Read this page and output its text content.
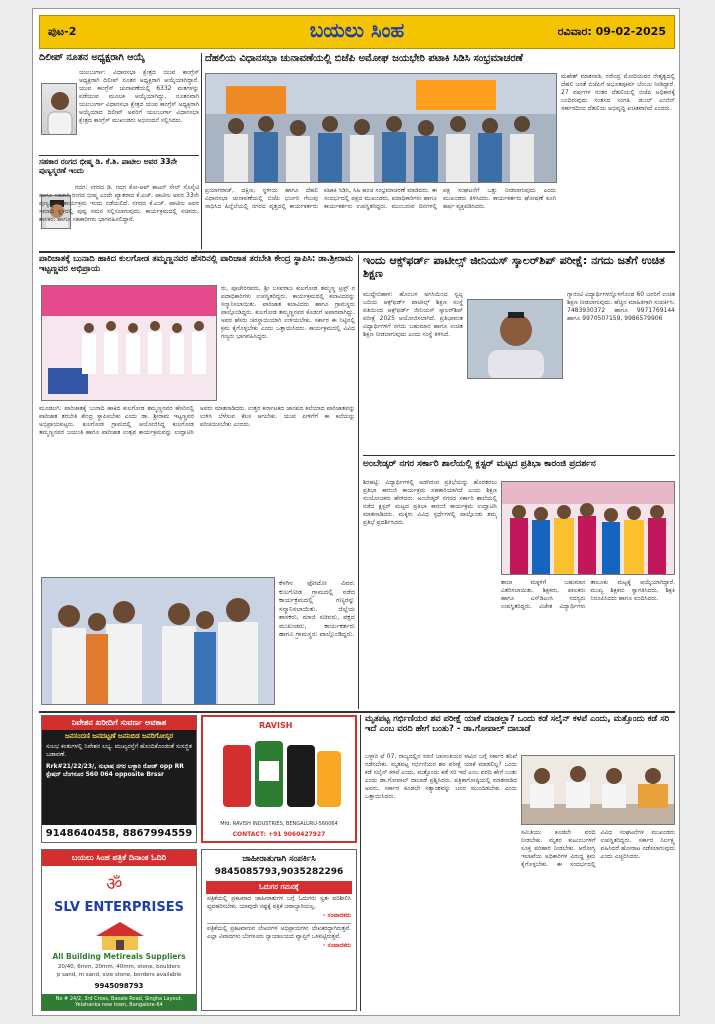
ಪುಟ-2	ಬಯಲು ಸಿಂಹ	ರವಿವಾರ: 09-02-2025
ದಿಲೀಪ್ ನೂತನ ಅಧ್ಯಕ್ಷರಾಗಿ ಆಯ್ಕೆ
ಯಲಬುರ್ಗಾ: ವಿಧಾನಸಭಾ ಕ್ಷೇತ್ರದ ಯುವ ಕಾಂಗ್ರೆಸ್ ಅಧ್ಯಕ್ಷರಾಗಿ ದಿಲೀಪ್ ನೂತನ ಅಧ್ಯಕ್ಷರಾಗಿ ಆಯ್ಕೆಯಾಗಿದ್ದಾರೆ. ಯುವ ಕಾಂಗ್ರೆಸ್ ಚುನಾವಣೆಯಲ್ಲಿ 6332 ಮತಗಳನ್ನು ಪಡೆಯುವ ಮೂಲಕ ಆಯ್ಕೆಯಾಗಿದ್ದು, ನೂತನವಾಗಿ ಯಲಬುರ್ಗಾ ವಿಧಾನಸಭಾ ಕ್ಷೇತ್ರದ ಯುವ ಕಾಂಗ್ರೆಸ್ ಅಧ್ಯಕ್ಷರಾಗಿ ಆಯ್ಕೆಯಾದ ದಿಲೀಪ್ ಅವರಿಗೆ ಯಲಬುರ್ಗಾ ವಿಧಾನಸಭಾ ಕ್ಷೇತ್ರದ ಕಾಂಗ್ರೆಸ್ ಮುಖಂಡರು ಅಭಿನಂದನೆ ಸಲ್ಲಿಸಿದರು.
ಸಹಕಾರ ರಂಗದ ಭೀಷ್ಮ ಡಿ. ಕೆ.ಶಿ. ಪಾಟೀಲ ಅವರ 33ನೇ ಪುಣ್ಯಸ್ಮರಣೆ ಇಂದು
ಗದಗ: ನಗರದ ಡಿ. ಗದಗ ಕೋ-ಆಪ್ ಕಾಟನ್ ಸೇಲ್ ಸೊಸೈಟಿ ಹಾಗೂ ಸಹಕಾರಿ ರಂಗದ ಭೀಷ್ಮ ಎಂದೇ ಖ್ಯಾತರಾದ ಕೆ.ಎಚ್. ಪಾಟೀಲ ಅವರ 33ನೇ ಪುಣ್ಯಸ್ಮರಣೆ ಕಾರ್ಯಕ್ರಮ ಇಂದು ನಡೆಯಲಿದೆ. ನಗರದ ಕೆ.ಎಚ್. ಪಾಟೀಲ ಅವರ ಸಮಾಧಿ ಸ್ಥಳದಲ್ಲಿ ಪುಷ್ಪ ನಮನ ಸಲ್ಲಿಸಲಾಗುವುದು. ಕಾರ್ಯಕ್ರಮದಲ್ಲಿ ಸಚಿವರು, ಶಾಸಕರು ಹಾಗೂ ಸಹಕಾರಿಗಳು ಭಾಗವಹಿಸಲಿದ್ದಾರೆ.
ದೆಹಲಿಯ ವಿಧಾನಸಭಾ ಚುನಾವಣೆಯಲ್ಲಿ ಬಿಜೆಪಿ ಅಮೋಘ ಜಯಭೇರಿ ಪಟಾಕಿ ಸಿಡಿಸಿ ಸಂಭ್ರಮಾಚರಣೆ
ಮಹೇಶ್ ಮಾತನಾಡಿ, ನರೇಂದ್ರ ಮೋದಿಯವರ ನೇತೃತ್ವದಲ್ಲಿ ದೆಹಲಿ ಜನತೆ ಬಿಜೆಪಿಗೆ ಅಭೂತಪೂರ್ವ ಬೆಂಬಲ ನೀಡಿದ್ದಾರೆ. 27 ವರ್ಷಗಳ ನಂತರ ದೆಹಲಿಯಲ್ಲಿ ಬಿಜೆಪಿ ಅಧಿಕಾರಕ್ಕೆ ಬಂದಿರುವುದು ಸಂತಸದ ಸಂಗತಿ. ಡಬಲ್ ಎಂಜಿನ್ ಸರ್ಕಾರದಿಂದ ದೆಹಲಿಯ ಅಭಿವೃದ್ಧಿ ಖಚಿತವಾಗಿದೆ ಎಂದರು.
ಪ್ರಯಾಗರಾಜ್, ದಕ್ಷಿಣ, ಸ್ಥಳೀಯ ಹಾಗೂ ದೆಹಲಿ ವಿಧಾನಸಭಾ ಚುನಾವಣೆಯಲ್ಲಿ ಬಿಜೆಪಿ ಭರ್ಜರಿ ಗೆಲುವು ಸಾಧಿಸಿದ ಹಿನ್ನೆಲೆಯಲ್ಲಿ ನಗರದ ವೃತ್ತದಲ್ಲಿ ಕಾರ್ಯಕರ್ತರು ಪಟಾಕಿ ಸಿಡಿಸಿ, ಸಿಹಿ ಹಂಚಿ ಸಂಭ್ರಮಾಚರಣೆ ಮಾಡಿದರು. ಈ ಸಂದರ್ಭದಲ್ಲಿ ಪಕ್ಷದ ಮುಖಂಡರು, ಪದಾಧಿಕಾರಿಗಳು ಹಾಗೂ ಕಾರ್ಯಕರ್ತರು ಉಪಸ್ಥಿತರಿದ್ದರು. ಮುಂಬರುವ ದಿನಗಳಲ್ಲಿ ಪಕ್ಷ ಸಂಘಟನೆಗೆ ಒತ್ತು ನೀಡಲಾಗುವುದು ಎಂದು ಮುಖಂಡರು ತಿಳಿಸಿದರು. ಕಾರ್ಯಕರ್ತರು ಘೋಷಣೆ ಕೂಗಿ ಹರ್ಷ ವ್ಯಕ್ತಪಡಿಸಿದರು.
ಪಾರಿಜಾತಕ್ಕೆ ಬುನಾದಿ ಹಾಕಿದ ಕುಲಗೋಡ ತಮ್ಮಣ್ಣನವರ ಹೆಸರಿನಲ್ಲಿ ಪಾರಿಜಾತ ತರಬೇತಿ ಕೇಂದ್ರ ಸ್ಥಾಪಿಸಿ: ಡಾ.ಶ್ರೀರಾಮ ಇಟ್ಟಣ್ಣವರ ಅಭಿಪ್ರಾಯ
ರು, ಪೂಜೇರಿರವರು, ಶ್ರೀ ಬಸವರಾಜ ಕುಲಗೋಡ ತಮ್ಮಣ್ಣ ಟ್ರಸ್ಟ್ ನ ಪದಾಧಿಕಾರಿಗಳು ಉಪಸ್ಥಿತರಿದ್ದರು. ಕಾರ್ಯಕ್ರಮದಲ್ಲಿ ಕಲಾವಿದರನ್ನು ಸನ್ಮಾನಿಸಲಾಯಿತು. ಪಾರಿಜಾತ ಕಲಾವಿದರು ಹಾಗೂ ಗ್ರಾಮಸ್ಥರು ಪಾಲ್ಗೊಂಡಿದ್ದರು. ಕುಲಗೋಡ ತಮ್ಮಣ್ಣನವರ ಕೊಡುಗೆ ಅಪಾರವಾಗಿದ್ದು, ಅವರ ಹೆಸರು ಚಿರಸ್ಥಾಯಿಯಾಗಿ ಉಳಿಯಬೇಕು. ಸರ್ಕಾರ ಈ ನಿಟ್ಟಿನಲ್ಲಿ ಕ್ರಮ ಕೈಗೊಳ್ಳಬೇಕು ಎಂದು ಒತ್ತಾಯಿಸಿದರು. ಕಾರ್ಯಕ್ರಮದಲ್ಲಿ ವಿವಿಧ ಗಣ್ಯರು ಭಾಗವಹಿಸಿದ್ದರು.
ಮೂಡಲಗಿ: ಪಾರಿಜಾತಕ್ಕೆ ಬುನಾದಿ ಹಾಕಿದ ಕುಲಗೋಡ ತಮ್ಮಣ್ಣನವರ ಹೆಸರಿನಲ್ಲಿ ಪಾರಿಜಾತ ತರಬೇತಿ ಕೇಂದ್ರ ಸ್ಥಾಪಿಸಬೇಕು ಎಂದು ಡಾ. ಶ್ರೀರಾಮ ಇಟ್ಟಣ್ಣವರ ಅಭಿಪ್ರಾಯಪಟ್ಟರು. ಕುಲಗೋಡ ಗ್ರಾಮದಲ್ಲಿ ಆಯೋಜಿಸಿದ್ದ ಕುಲಗೋಡ ತಮ್ಮಣ್ಣನವರ ಜಯಂತಿ ಹಾಗೂ ಪಾರಿಜಾತ ಉತ್ಸವ ಕಾರ್ಯಕ್ರಮವನ್ನು ಉದ್ಘಾಟಿಸಿ ಅವರು ಮಾತನಾಡಿದರು. ಉತ್ತರ ಕರ್ನಾಟಕದ ಜಾನಪದ ಕಲೆಯಾದ ಪಾರಿಜಾತವನ್ನು ಉಳಿಸಿ ಬೆಳೆಸುವ ಕೆಲಸ ಆಗಬೇಕು. ಯುವ ಪೀಳಿಗೆಗೆ ಈ ಕಲೆಯನ್ನು ಪರಿಚಯಿಸಬೇಕು ಎಂದರು.
ಕೆಳಗಿನ ಫೋಟೋ ವಿವರ: ಕುಲಗೋಡ ಗ್ರಾಮದಲ್ಲಿ ನಡೆದ ಕಾರ್ಯಕ್ರಮದಲ್ಲಿ ಗಣ್ಯರನ್ನು ಸನ್ಮಾನಿಸಲಾಯಿತು. ಜಿಲ್ಲೆಯ ಶಾಸಕರು, ಮಾಜಿ ಸಚಿವರು, ಪಕ್ಷದ ಮುಖಂಡರು, ಕಾರ್ಯಕರ್ತರು ಹಾಗೂ ಗ್ರಾಮಸ್ಥರು ಪಾಲ್ಗೊಂಡಿದ್ದರು.
ಇಂದು ಆಕ್ಸ್‌ಫರ್ಡ್ ಪಾಟೀಲ್ಸ್ ಜೀನಿಯಸ್ ಸ್ಕಾಲರ್‌ಶಿಪ್ ಪರೀಕ್ಷೆ: ನಗದು ಜತೆಗೆ ಉಚಿತ ಶಿಕ್ಷಣ
ಮುದ್ದೇಬಿಹಾಳ: ಹೊಂಬಳ ಅಗಸಿಯಿಂದ ಸ್ವಲ್ಪ ಬದಿಯ ಆಕ್ಸ್‌ಫರ್ಡ್ ಪಾಟೀಲ್ಸ್ ಶಿಕ್ಷಣ ಸಂಸ್ಥೆ ವತಿಯಿಂದ ಆಕ್ಸ್‌ಫರ್ಡ್ ಜೀನಿಯಸ್ ಸ್ಕಾಲರ್‌ಶಿಪ್ ಪರೀಕ್ಷೆ 2025 ಆಯೋಜಿಸಲಾಗಿದೆ. ಪ್ರತಿಭಾವಂತ ವಿದ್ಯಾರ್ಥಿಗಳಿಗೆ ನಗದು ಬಹುಮಾನ ಹಾಗೂ ಉಚಿತ ಶಿಕ್ಷಣ ನೀಡಲಾಗುವುದು ಎಂದು ಸಂಸ್ಥೆ ತಿಳಿಸಿದೆ.
ಗ್ಯಾರಂಟಿ ವಿದ್ಯಾರ್ಥಿಗಳನ್ನೊಳಗೊಂಡ 60 ಜನರಿಗೆ ಉಚಿತ ಶಿಕ್ಷಣ ನೀಡಲಾಗುವುದು. ಹೆಚ್ಚಿನ ಮಾಹಿತಿಗಾಗಿ ಸಂಪರ್ಕಿಸಿ: 7483930372 ಹಾಗೂ 9971769144 ಹಾಗೂ 9970507159, 9986579906
ಅಂಬೇಡ್ಕರ್ ನಗರ ಸರ್ಕಾರಿ ಶಾಲೆಯಲ್ಲಿ ಕ್ಲಸ್ಟರ್ ಮಟ್ಟದ ಪ್ರತಿಭಾ ಕಾರಂಜಿ ಪ್ರದರ್ಶನ
ಶಿರಹಟ್ಟಿ: ವಿದ್ಯಾರ್ಥಿಗಳಲ್ಲಿ ಅಡಗಿರುವ ಪ್ರತಿಭೆಯನ್ನು ಹೊರತರಲು ಪ್ರತಿಭಾ ಕಾರಂಜಿ ಕಾರ್ಯಕ್ರಮ ಸಹಕಾರಿಯಾಗಿದೆ ಎಂದು ಶಿಕ್ಷಣ ಸಂಯೋಜಕರು ಹೇಳಿದರು. ಅಂಬೇಡ್ಕರ್ ನಗರದ ಸರ್ಕಾರಿ ಶಾಲೆಯಲ್ಲಿ ನಡೆದ ಕ್ಲಸ್ಟರ್ ಮಟ್ಟದ ಪ್ರತಿಭಾ ಕಾರಂಜಿ ಕಾರ್ಯಕ್ರಮ ಉದ್ಘಾಟಿಸಿ ಮಾತನಾಡಿದರು. ಮಕ್ಕಳು ವಿವಿಧ ಸ್ಪರ್ಧೆಗಳಲ್ಲಿ ಪಾಲ್ಗೊಂಡು ತಮ್ಮ ಪ್ರತಿಭೆ ಪ್ರದರ್ಶಿಸಿದರು.
ಶಾಲಾ ಮಕ್ಕಳಿಗೆ ಬಹುಮಾನ ವಿತರಿಸಲಾಯಿತು. ಶಿಕ್ಷಕರು, ಪಾಲಕರು ಹಾಗೂ ಎಸ್‌ಡಿಎಂಸಿ ಸದಸ್ಯರು ಉಪಸ್ಥಿತರಿದ್ದರು. ವಿಜೇತ ವಿದ್ಯಾರ್ಥಿಗಳು ತಾಲೂಕು ಮಟ್ಟಕ್ಕೆ ಆಯ್ಕೆಯಾಗಿದ್ದಾರೆ. ಮುಖ್ಯ ಶಿಕ್ಷಕರು ಸ್ವಾಗತಿಸಿದರು, ಶಿಕ್ಷಕಿ ನಿರೂಪಿಸಿದರು ಹಾಗೂ ವಂದಿಸಿದರು.
ನಿವೇಶನ ಖರೀದಿಗೆ ಸುವರ್ಣ ಅವಕಾಶ
ಜನಸಂದಣಿ ಜನದಟ್ಟಣೆ ಜನನಿಬಿಡ ಜನರಿಗೋಸ್ಕರ
ಸುಲಭ ಕಂತುಗಳಲ್ಲಿ ನಿವೇಶನ ಲಭ್ಯ. ಮುಖ್ಯರಸ್ತೆಗೆ ಹೊಂದಿಕೊಂಡಂತೆ ಸುಸಜ್ಜಿತ ಬಡಾವಣೆ.
Rrk#21/22/23/, ಸುಭಾಷ ನಗರ ಬಳ್ಳಾರಿ ರೋಡ್ opp RR ಸ್ಟೇಷನ್ ಬೆಂಗಳೂರ 560 064 opposite Brssr
9148640458, 8867994559
RAVISH
Mfd: RAVISH INDUSTRIES, BENGALURU-560064
CONTACT: +91 9060427927
ಬಯಲು ಸಿಂಹ ಪತ್ರಿಕೆ ದಿನಾಂಕ ಓದಿರಿ
ॐ
SLV ENTERPRISES
All Building Metireals Suppliers
20/40, 6mm, 20mm, 40mm, stone, boulders
p sand, m sand, size stone, borders available
9945098793
No # 24/2, 3rd Cross, Basale Road, Singha Layout, Yelahanka new town, Bangalore-64
ಜಾಹೀರಾತುಗಾಗಿ ಸಂಪರ್ಕಿಸಿ
9845085793,9035282296
ಓದುಗರ ಗಮನಕ್ಕೆ
ಪತ್ರಿಕೆಯಲ್ಲಿ ಪ್ರಕಟವಾದ ಜಾಹೀರಾತುಗಳ ಬಗ್ಗೆ ಓದುಗರು ಸ್ವತಃ ಪರಿಶೀಲಿಸಿ ವ್ಯವಹರಿಸಬೇಕು. ಯಾವುದೇ ನಷ್ಟಕ್ಕೆ ಪತ್ರಿಕೆ ಜವಾಬ್ದಾರಿಯಲ್ಲ.
- ಸಂಪಾದಕರು
ಪತ್ರಿಕೆಯಲ್ಲಿ ಪ್ರಕಟವಾಗುವ ಲೇಖನಗಳ ಅಭಿಪ್ರಾಯಗಳು ಲೇಖಕರದ್ದಾಗಿರುತ್ತವೆ. ಎಲ್ಲಾ ವಿವಾದಗಳು ಬೆಂಗಳೂರು ನ್ಯಾಯಾಲಯದ ವ್ಯಾಪ್ತಿಗೆ ಒಳಪಟ್ಟಿರುತ್ತವೆ.
- ಸಂಪಾದಕರು
ಮೃತಪಟ್ಟ ಗರ್ಭಿಣಿಯರ ಶವ ಪರೀಕ್ಷೆ ಯಾಕೆ ಮಾಡಲ್ಲಾ? ಒಂದು ಕಡೆ ಸಲೈನ್ ಕಳಪೆ ಎಂದು, ಮತ್ತೊಂದು ಕಡೆ ಸರಿ ಇದೆ ಎಂಬ ವರದಿ ಹೇಗೆ ಬಂತು? - ಡಾ.ಗೋಪಾಲ್ ದಾಬಾಡೆ
ಬಳ್ಳಾರಿ ಫೆ 07. ರಾಜ್ಯದಲ್ಲಿನ ಸರಣಿ ಬಾಣಂತಿಯರ ಸಾವಿನ ಬಗ್ಗೆ ಸರ್ಕಾರ ತನಿಖೆ ನಡೆಸಬೇಕು. ಮೃತಪಟ್ಟ ಗರ್ಭಿಣಿಯರ ಶವ ಪರೀಕ್ಷೆ ಯಾಕೆ ಮಾಡಲಿಲ್ಲ? ಒಂದು ಕಡೆ ಸಲೈನ್ ಕಳಪೆ ಎಂದು, ಮತ್ತೊಂದು ಕಡೆ ಸರಿ ಇದೆ ಎಂಬ ವರದಿ ಹೇಗೆ ಬಂತು ಎಂದು ಡಾ.ಗೋಪಾಲ್ ದಾಬಾಡೆ ಪ್ರಶ್ನಿಸಿದರು. ಪತ್ರಿಕಾಗೋಷ್ಠಿಯಲ್ಲಿ ಮಾತನಾಡಿದ ಅವರು, ಸರ್ಕಾರ ಕೂಡಲೇ ಸತ್ಯಾಂಶವನ್ನು ಜನರ ಮುಂದಿಡಬೇಕು ಎಂದು ಒತ್ತಾಯಿಸಿದರು.
ಸಮಿತಿಯು ಕೂಡಲೇ ವರದಿ ನೀಡಬೇಕು. ಮೃತರ ಕುಟುಂಬಗಳಿಗೆ ಸೂಕ್ತ ಪರಿಹಾರ ನೀಡಬೇಕು. ಆರೋಗ್ಯ ಇಲಾಖೆಯ ಅಧಿಕಾರಿಗಳ ವಿರುದ್ಧ ಕ್ರಮ ಕೈಗೊಳ್ಳಬೇಕು. ಈ ಸಂದರ್ಭದಲ್ಲಿ ವಿವಿಧ ಸಂಘಟನೆಗಳ ಮುಖಂಡರು ಉಪಸ್ಥಿತರಿದ್ದರು. ಸರ್ಕಾರ ನಿರ್ಲಕ್ಷ್ಯ ವಹಿಸಿದರೆ ಹೋರಾಟ ನಡೆಸಲಾಗುವುದು ಎಂದು ಎಚ್ಚರಿಸಿದರು.
